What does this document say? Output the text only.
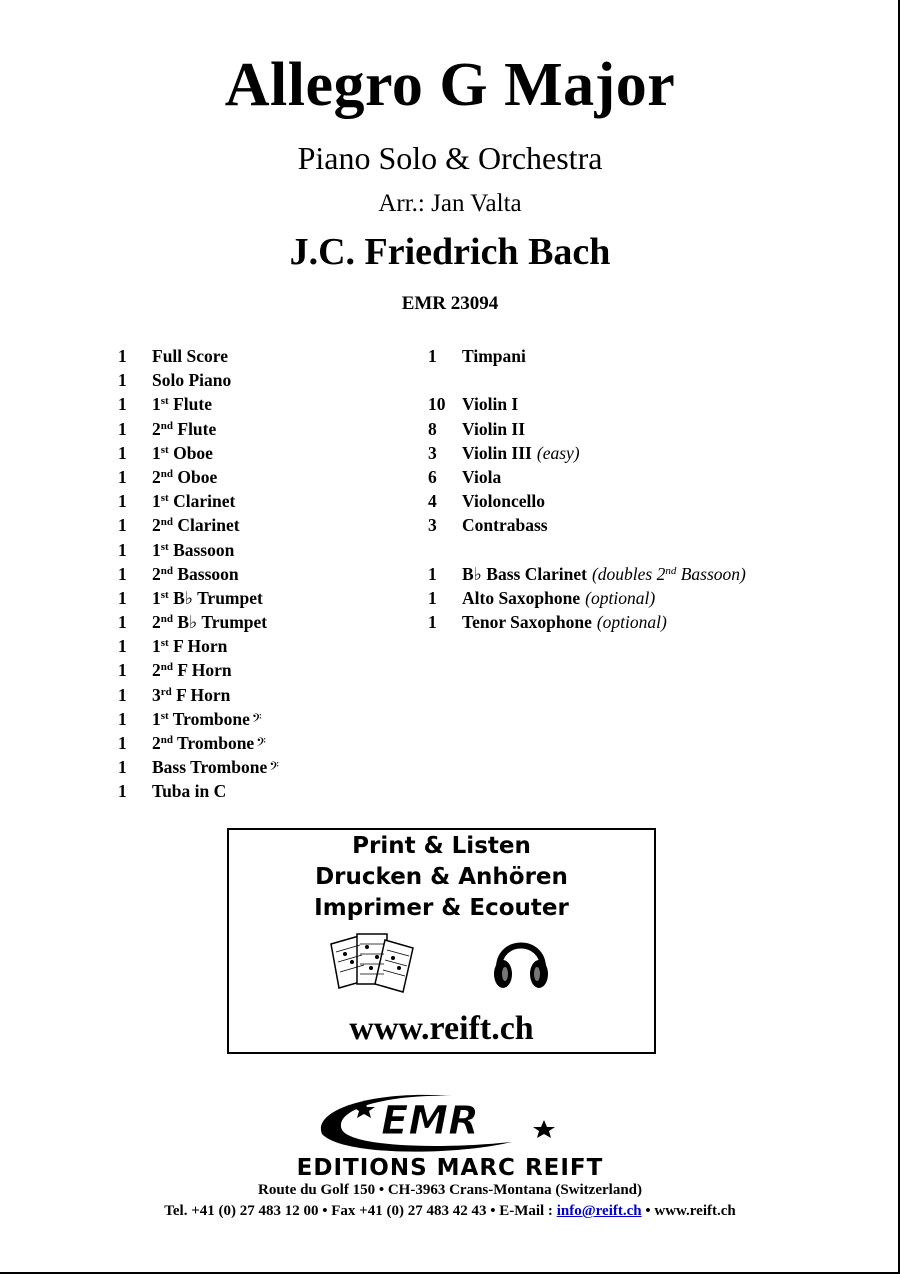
Allegro G Major
Piano Solo & Orchestra
Arr.: Jan Valta
J.C. Friedrich Bach
EMR 23094
1	Full Score
1	Solo Piano
1	1st Flute
1	2nd Flute
1	1st Oboe
1	2nd Oboe
1	1st Clarinet
1	2nd Clarinet
1	1st Bassoon
1	2nd Bassoon
1	1st B♭ Trumpet
1	2nd B♭ Trumpet
1	1st F Horn
1	2nd F Horn
1	3rd F Horn
1	1st Trombone 𝄢
1	2nd Trombone 𝄢
1	Bass Trombone 𝄢
1	Tuba in C
1	Timpani
10 Violin I
8	Violin II
3	Violin III (easy)
6	Viola
4	Violoncello
3	Contrabass
1	B♭ Bass Clarinet (doubles 2nd Bassoon)
1	Alto Saxophone (optional)
1	Tenor Saxophone (optional)
Print & Listen
Drucken & Anhören
Imprimer & Ecouter
www.reift.ch
EMR
EDITIONS MARC REIFT
Route du Golf 150 • CH-3963 Crans-Montana (Switzerland)
Tel. +41 (0) 27 483 12 00 • Fax +41 (0) 27 483 42 43 • E-Mail : info@reift.ch • www.reift.ch
